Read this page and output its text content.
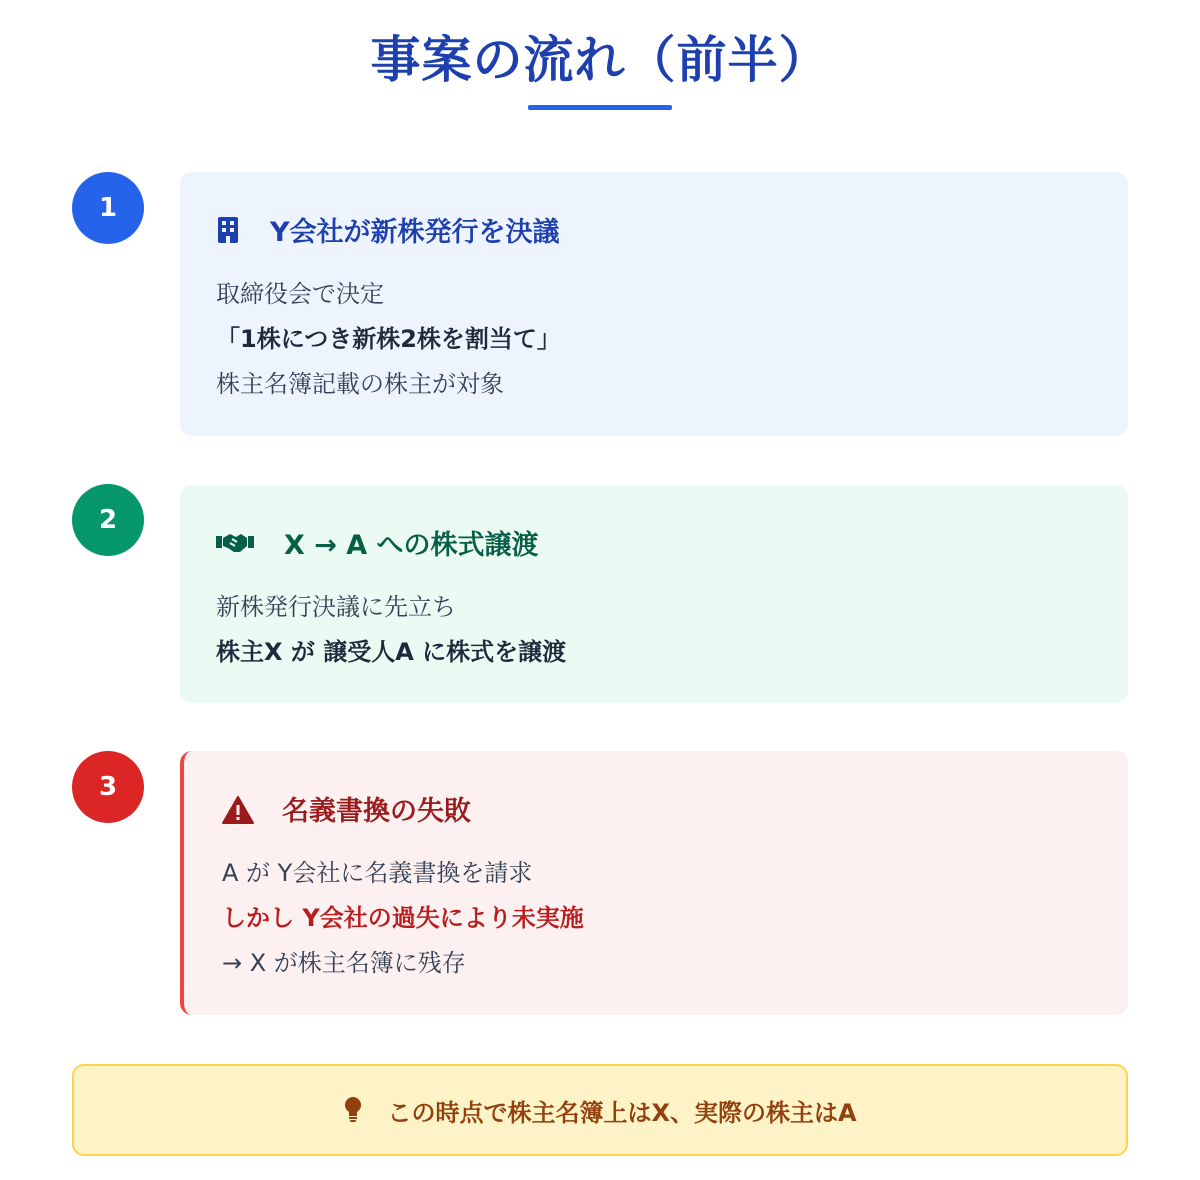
事案の流れ（前半）
1
Y会社が新株発行を決議
取締役会で決定
「1株につき新株2株を割当て」
株主名簿記載の株主が対象
2
X → A への株式譲渡
新株発行決議に先立ち
株主X が 譲受人A に株式を譲渡
3
名義書換の失敗
A が Y会社に名義書換を請求
しかし Y会社の過失により未実施
→ X が株主名簿に残存
この時点で株主名簿上はX、実際の株主はA
